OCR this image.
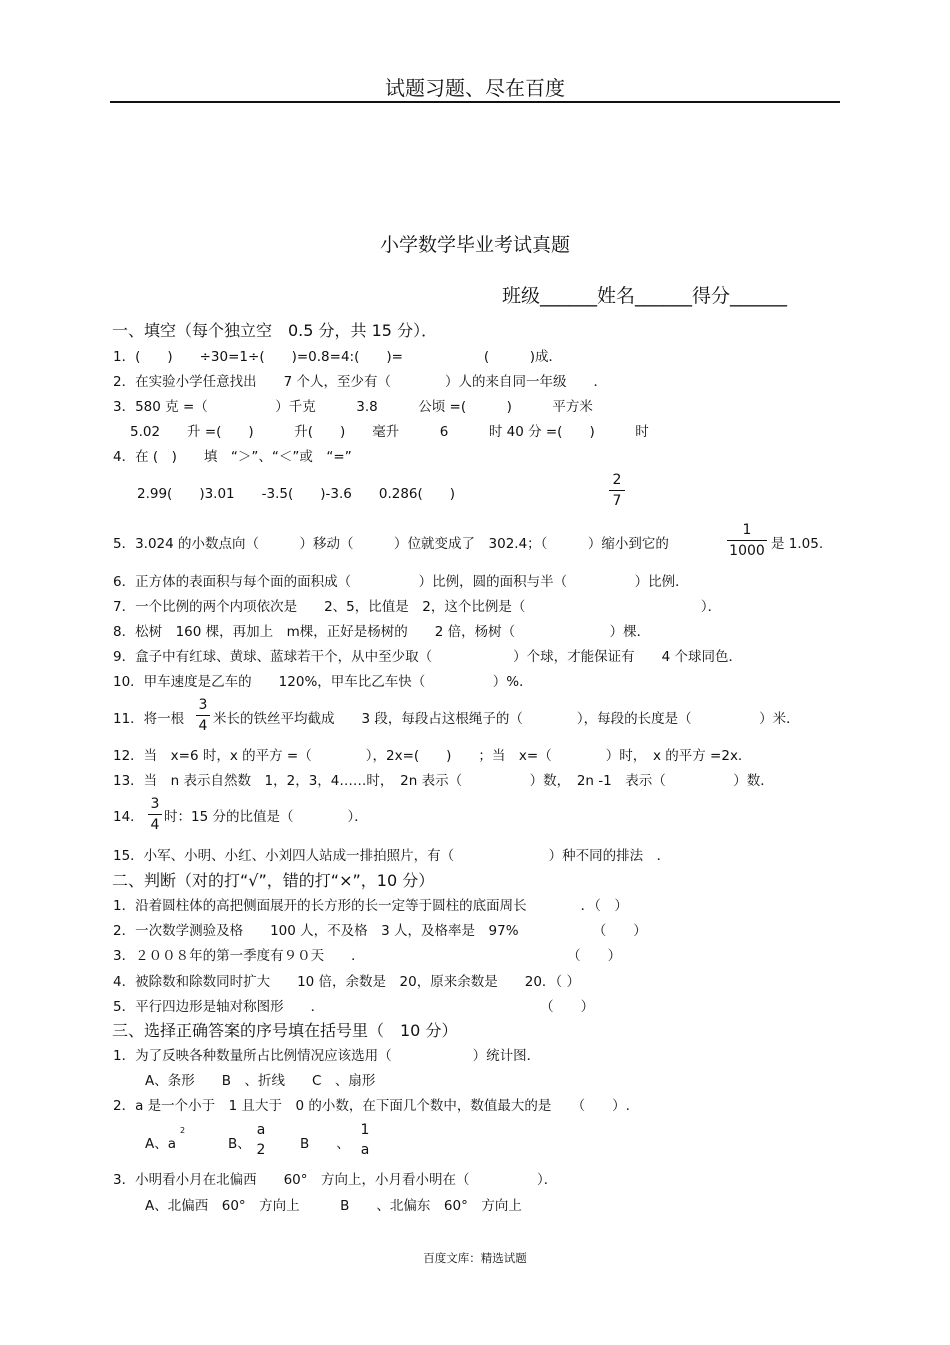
试题习题、尽在百度
小学数学毕业考试真题
班级______姓名______得分______
一、填空（每个独立空　0.5 分，共 15 分）．
1．(　　)　　÷30=1÷(　　)=0.8=4:(　　)=　　　　　　(　　　)成．
2．在实验小学任意找出　　7 个人，至少有（　　　　）人的来自同一年级　　．
3．580 克 =（　　　　　）千克　　　3.8　　　公顷 =(　　　)　　　平方米
5.02　　升 =(　　)　　　升(　　)　　毫升　　　6　　　时 40 分 =(　　)　　　时
4．在 (　)　　填　“＞”、“＜”或　“=”
2.99(　　)3.01　　-3.5(　　)-3.6　　0.286(　　)	$\frac{2}{7}$
5．3.024 的小数点向（　　　）移动（　　　）位就变成了　302.4；（　　　）缩小到它的	$\frac{1}{1000}$ 是 1.05.
6．正方体的表面积与每个面的面积成（　　　　　）比例，圆的面积与半（　　　　　）比例．
7．一个比例的两个内项依次是　　2、5，比值是　2，这个比例是（　　　　　　　　　　　　　）．
8．松树　160 棵，再加上　m棵，正好是杨树的　　2 倍，杨树（　　　　　　　）棵．
9．盒子中有红球、黄球、蓝球若干个，从中至少取（　　　　　　）个球，才能保证有　　4 个球同色．
10．甲车速度是乙车的　　120%，甲车比乙车快（　　　　　）%．
11．将一根 $\frac{3}{4}$ 米长的铁丝平均截成　　3 段，每段占这根绳子的（　　　　），每段的长度是（　　　　　）米．
12．当　x=6 时，x 的平方 =（　　　　），2x=(　　)　　；当　x=（　　　　）时，　x 的平方 =2x.
13．当　n 表示自然数　1，2，3，4……时，　2n 表示（　　　　　）数，　2n -1　表示（　　　　　）数．
14． $\frac{3}{4}$ 时：15 分的比值是（　　　　）．
15．小军、小明、小红、小刘四人站成一排拍照片，有（　　　　　　　）种不同的排法　．
二、判断（对的打“√”，错的打“×”，10 分）
1．沿着圆柱体的高把侧面展开的长方形的长一定等于圆柱的底面周长　　　　．（　）
2．一次数学测验及格　　100 人，不及格　3 人，及格率是　97%　　　　　　（　　）
3．２００８年的第一季度有９０天　　．　　　　　　　　　　　　　　　　（　　）
4．被除数和除数同时扩大　　10 倍，余数是　20，原来余数是　　20．（ ）
5．平行四边形是轴对称图形　　．　　　　　　　　　　　　　　　　　（　　）
三、选择正确答案的序号填在括号里（　10 分）
1．为了反映各种数量所占比例情况应该选用（　　　　　　）统计图．
A、条形　　B　、折线　　C　、扇形
2．a 是一个小于　1 且大于　0 的小数，在下面几个数中，数值最大的是　　（　　）.
A、a
2
B、
a
2	B　　、
1
a
3．小明看小月在北偏西　　60°　方向上，小月看小明在（　　　　　）．
A、北偏西　60°　方向上　　　B　　、北偏东　60°　方向上
百度文库：精选试题
